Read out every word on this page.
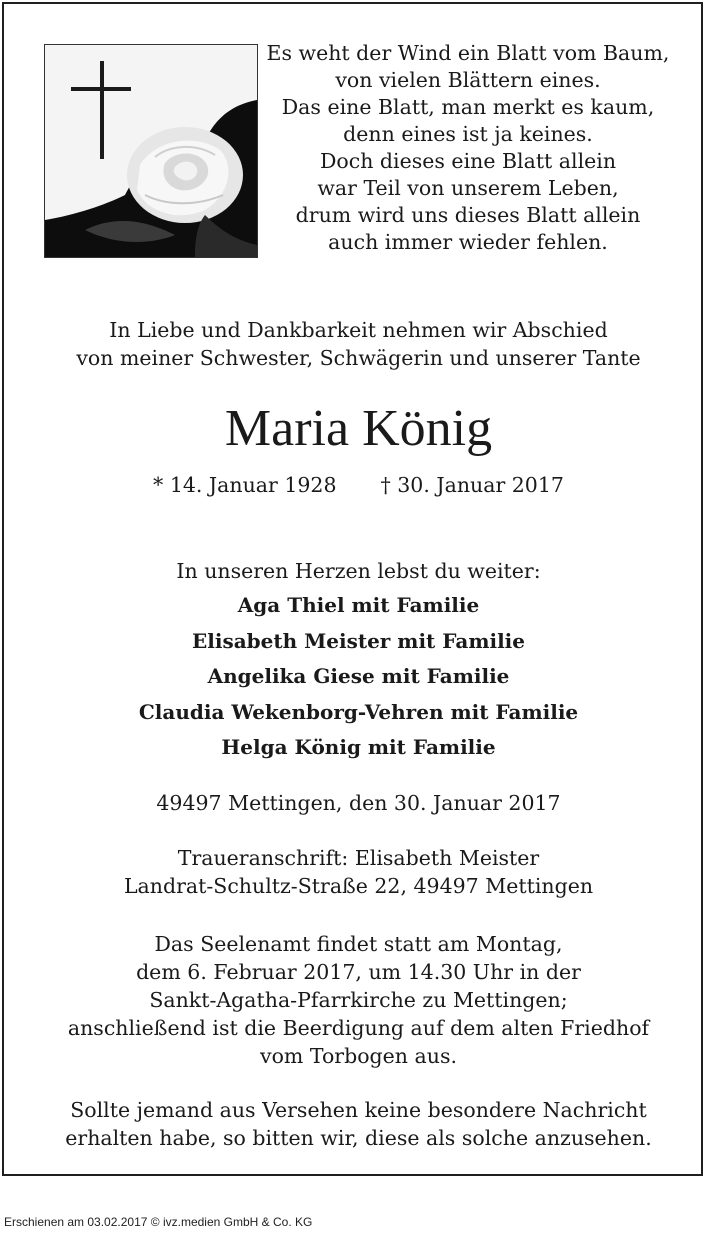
Es weht der Wind ein Blatt vom Baum,
von vielen Blättern eines.
Das eine Blatt, man merkt es kaum,
denn eines ist ja keines.
Doch dieses eine Blatt allein
war Teil von unserem Leben,
drum wird uns dieses Blatt allein
auch immer wieder fehlen.
In Liebe und Dankbarkeit nehmen wir Abschied
von meiner Schwester, Schwägerin und unserer Tante
Maria König
* 14. Januar 1928 † 30. Januar 2017
In unseren Herzen lebst du weiter:
Aga Thiel mit Familie
Elisabeth Meister mit Familie
Angelika Giese mit Familie
Claudia Wekenborg-Vehren mit Familie
Helga König mit Familie
49497 Mettingen, den 30. Januar 2017
Traueranschrift: Elisabeth Meister
Landrat-Schultz-Straße 22, 49497 Mettingen
Das Seelenamt findet statt am Montag,
dem 6. Februar 2017, um 14.30 Uhr in der
Sankt-Agatha-Pfarrkirche zu Mettingen;
anschließend ist die Beerdigung auf dem alten Friedhof
vom Torbogen aus.
Sollte jemand aus Versehen keine besondere Nachricht
erhalten habe, so bitten wir, diese als solche anzusehen.
Erschienen am 03.02.2017 © ivz.medien GmbH & Co. KG
